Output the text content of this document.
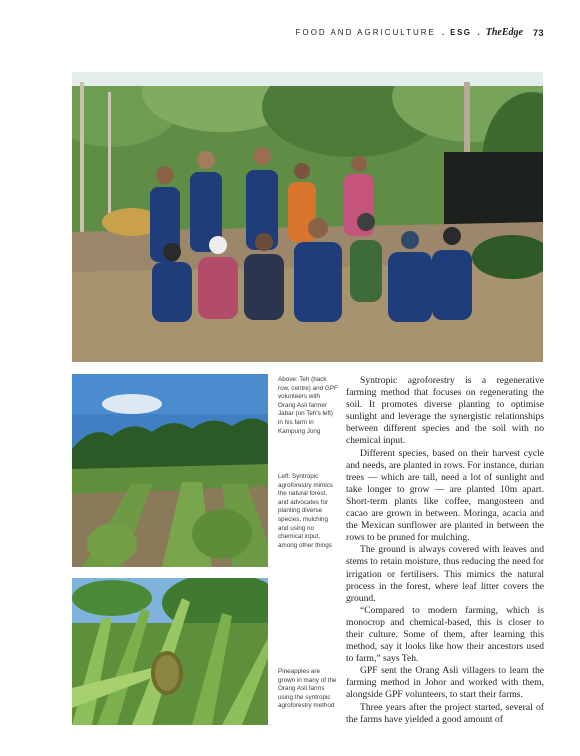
FOOD AND AGRICULTURE . ESG . TheEdge 73
Above: Teh (back row, centre) and GPF volunteers with Orang Asli farmer Jabar (on Teh's left) in his farm in Kampung Jong
Left: Syntropic agroforestry mimics the natural forest, and advocates for planting diverse species, mulching and using no chemical input, among other things
Pineapples are grown in many of the Orang Asli farms using the syntropic agroforestry method

Syntropic agroforestry is a regenerative farming method that focuses on regenerating the soil. It promotes diverse planting to optimise sunlight and leverage the synergistic relationships between different species and the soil with no chemical input.

Different species, based on their harvest cycle and needs, are planted in rows. For instance, durian trees — which are tall, need a lot of sunlight and take longer to grow — are planted 10m apart. Short-term plants like coffee, mangosteen and cacao are grown in between. Moringa, acacia and the Mexican sunflower are planted in between the rows to be pruned for mulching.

The ground is always covered with leaves and stems to retain moisture, thus reducing the need for irrigation or fertilisers. This mimics the natural process in the forest, where leaf litter covers the ground.

“Compared to modern farming, which is monocrop and chemical-based, this is closer to their culture. Some of them, after learning this method, say it looks like how their ancestors used to farm,” says Teh.

GPF sent the Orang Asli villagers to learn the farming method in Johor and worked with them, alongside GPF volunteers, to start their farms.

Three years after the project started, several of the farms have yielded a good amount of
